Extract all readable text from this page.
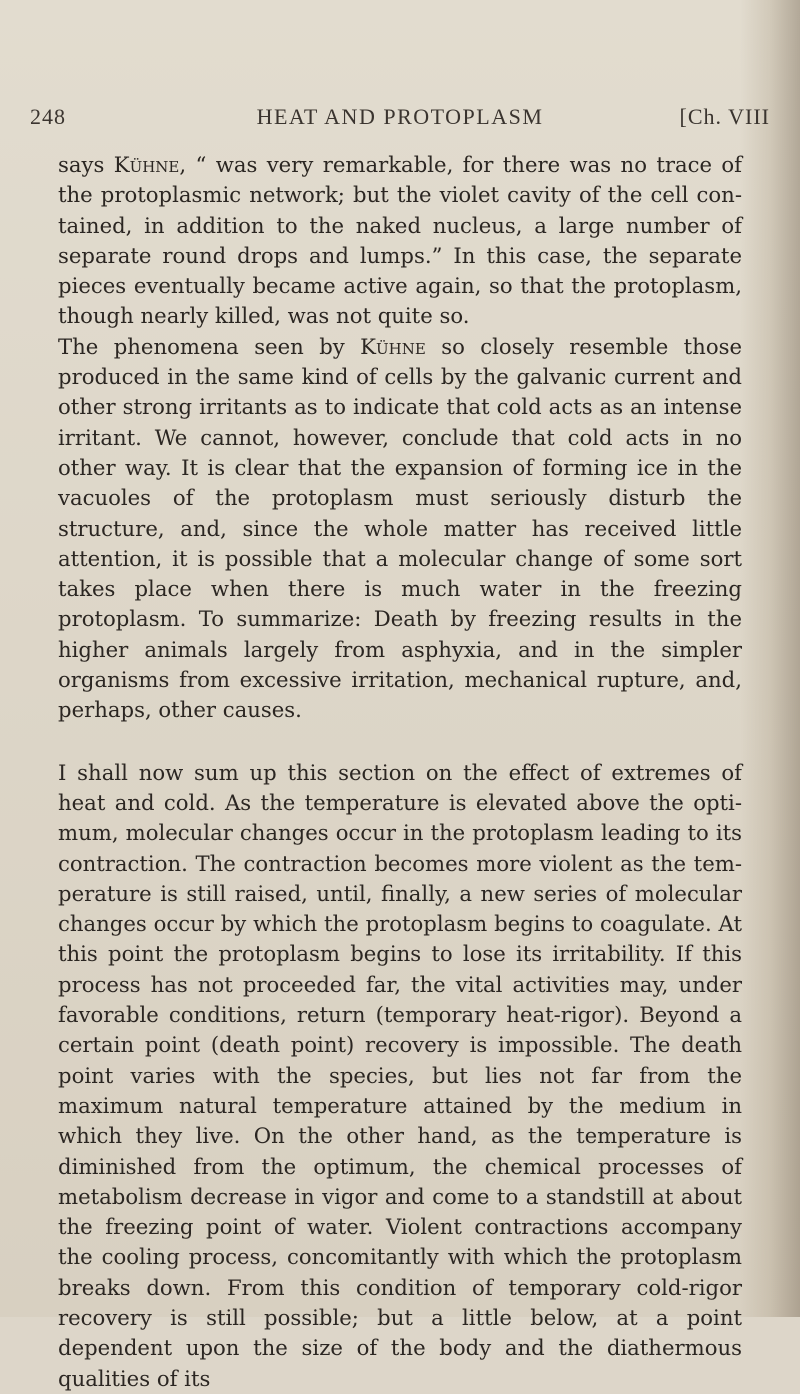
248	HEAT AND PROTOPLASM	[Ch. VIII

says Kühne, “ was very remarkable, for there was no trace of the protoplasmic network; but the violet cavity of the cell contained, in addition to the naked nucleus, a large number of separate round drops and lumps.” In this case, the separate pieces eventually became active again, so that the protoplasm, though nearly killed, was not quite so.

The phenomena seen by Kühne so closely resemble those produced in the same kind of cells by the galvanic current and other strong irritants as to indicate that cold acts as an intense irritant. We cannot, however, conclude that cold acts in no other way. It is clear that the expansion of forming ice in the vacuoles of the protoplasm must seriously disturb the structure, and, since the whole matter has received little attention, it is possible that a molecular change of some sort takes place when there is much water in the freezing protoplasm. To summarize: Death by freezing results in the higher animals largely from asphyxia, and in the simpler organisms from excessive irritation, mechanical rupture, and, perhaps, other causes.

I shall now sum up this section on the effect of extremes of heat and cold. As the temperature is elevated above the optimum, molecular changes occur in the protoplasm leading to its contraction. The contraction becomes more violent as the temperature is still raised, until, finally, a new series of molecular changes occur by which the protoplasm begins to coagulate. At this point the protoplasm begins to lose its irritability. If this process has not proceeded far, the vital activities may, under favorable conditions, return (temporary heat-rigor). Beyond a certain point (death point) recovery is impossible. The death point varies with the species, but lies not far from the maximum natural temperature attained by the medium in which they live. On the other hand, as the temperature is diminished from the optimum, the chemical processes of metabolism decrease in vigor and come to a standstill at about the freezing point of water. Violent contractions accompany the cooling process, concomitantly with which the protoplasm breaks down. From this condition of temporary cold-rigor recovery is still possible; but a little below, at a point dependent upon the size of the body and the diathermous qualities of its
